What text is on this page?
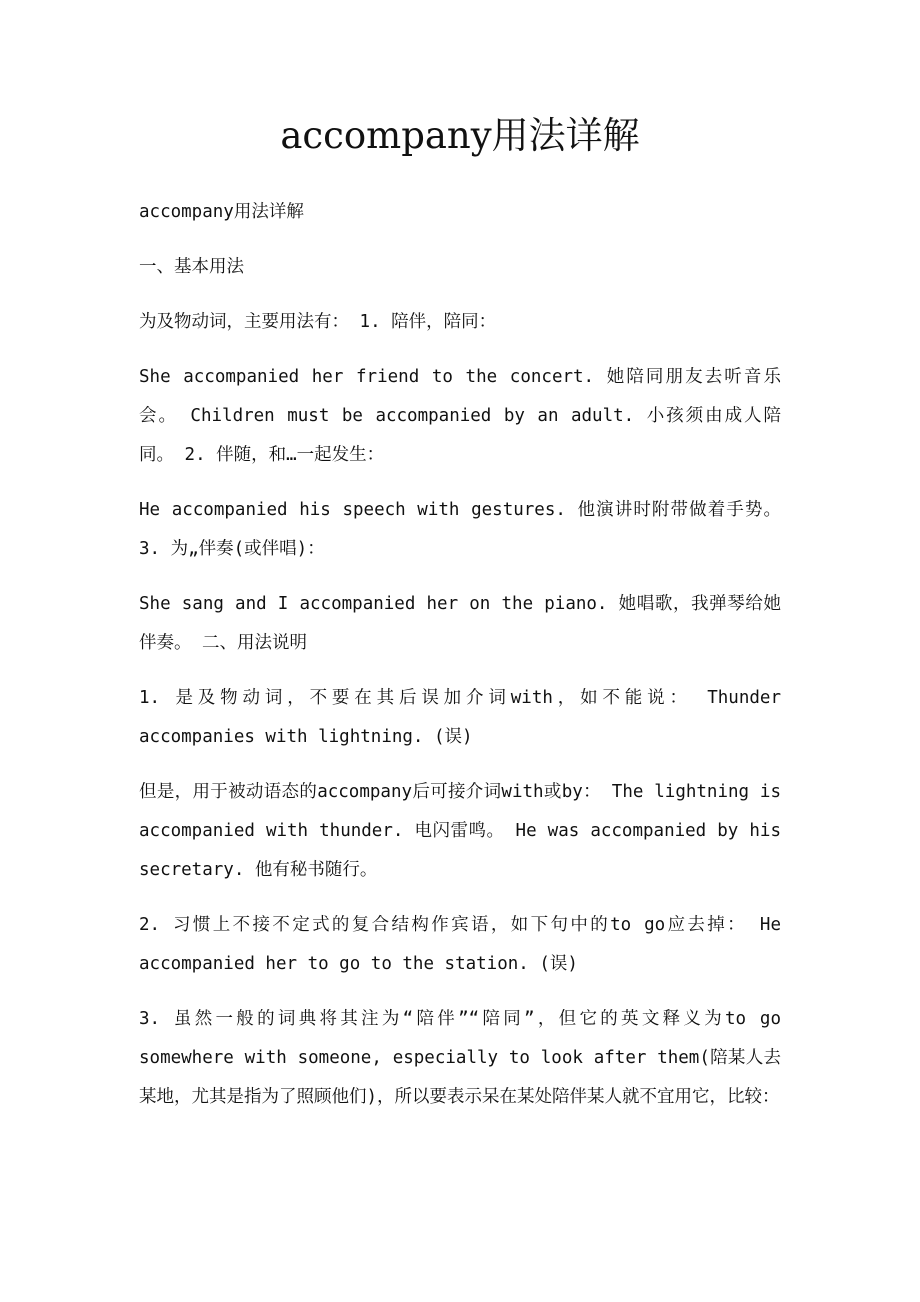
accompany用法详解

accompany用法详解

一、基本用法

为及物动词，主要用法有： 1. 陪伴，陪同：

She accompanied her friend to the concert. 她陪同朋友去听音乐会。 Children must be accompanied by an adult. 小孩须由成人陪同。 2. 伴随，和…一起发生：

He accompanied his speech with gestures. 他演讲时附带做着手势。 3. 为„伴奏(或伴唱)：

She sang and I accompanied her on the piano. 她唱歌，我弹琴给她伴奏。 二、用法说明

1. 是及物动词，不要在其后误加介词with，如不能说： Thunder accompanies with lightning. (误)

但是，用于被动语态的accompany后可接介词with或by： The lightning is accompanied with thunder. 电闪雷鸣。 He was accompanied by his secretary. 他有秘书随行。

2. 习惯上不接不定式的复合结构作宾语，如下句中的to go应去掉： He accompanied her to go to the station. (误)

3. 虽然一般的词典将其注为“陪伴”“陪同”，但它的英文释义为to go somewhere with someone, especially to look after them(陪某人去某地，尤其是指为了照顾他们)，所以要表示呆在某处陪伴某人就不宜用它，比较：
